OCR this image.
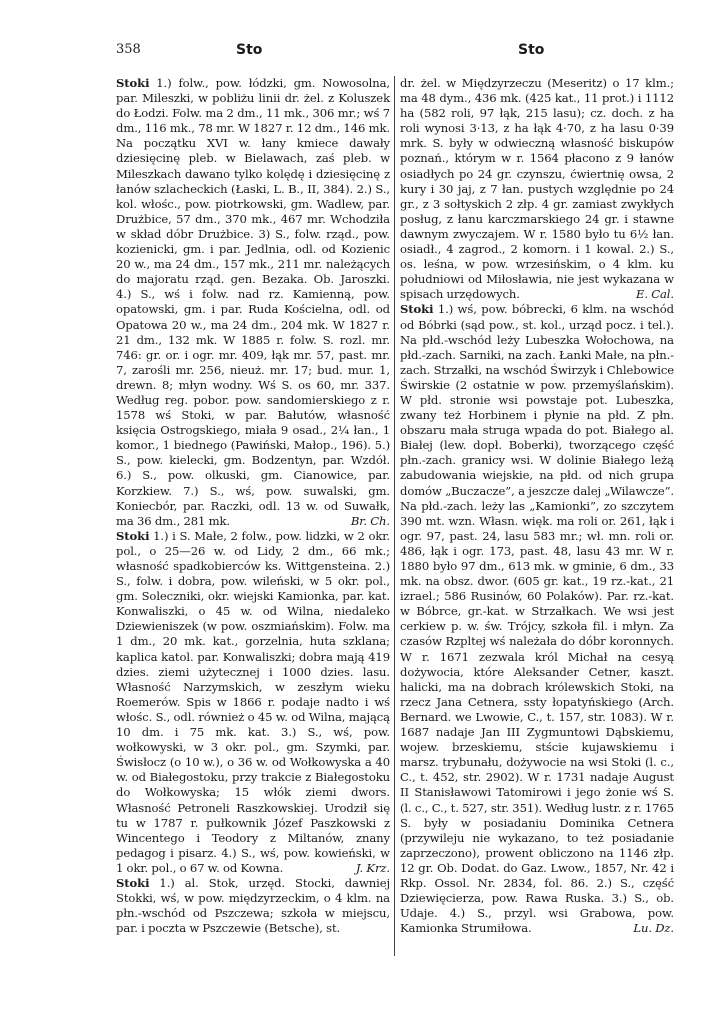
358	Sto	Sto

Stoki 1.) folw., pow. łódzki, gm. Nowosolna, par. Mileszki, w pobliżu linii dr. żel. z Koluszek do Łodzi. Folw. ma 2 dm., 11 mk., 306 mr.; wś 7 dm., 116 mk., 78 mr. W 1827 r. 12 dm., 146 mk. Na początku XVI w. łany kmiece dawały dziesięcinę pleb. w Bielawach, zaś pleb. w Mileszkach dawano tylko kolędę i dziesięcinę z łanów szlacheckich (Łaski, L. B., II, 384). 2.) S., kol. włośc., pow. piotrkowski, gm. Wadlew, par. Drużbice, 57 dm., 370 mk., 467 mr. Wchodziła w skład dóbr Drużbice. 3) S., folw. rząd., pow. kozienicki, gm. i par. Jedlnia, odl. od Kozienic 20 w., ma 24 dm., 157 mk., 211 mr. należących do majoratu rząd. gen. Bezaka. Ob. Jaroszki. 4.) S., wś i folw. nad rz. Kamienną, pow. opatowski, gm. i par. Ruda Kościelna, odl. od Opatowa 20 w., ma 24 dm., 204 mk. W 1827 r. 21 dm., 132 mk. W 1885 r. folw. S. rozl. mr. 746: gr. or. i ogr. mr. 409, łąk mr. 57, past. mr. 7, zarośli mr. 256, nieuż. mr. 17; bud. mur. 1, drewn. 8; młyn wodny. Wś S. os 60, mr. 337. Według reg. pobor. pow. sandomierskiego z r. 1578 wś Stoki, w par. Bałutów, własność księcia Ostrogskiego, miała 9 osad., 2¼ łan., 1 komor., 1 biednego (Pawiński, Małop., 196). 5.) S., pow. kielecki, gm. Bodzentyn, par. Wzdół. 6.) S., pow. olkuski, gm. Cianowice, par. Korzkiew. 7.) S., wś, pow. suwalski, gm. Koniecbór, par. Raczki, odl. 13 w. od Suwałk, ma 36 dm., 281 mk.	Br. Ch.

Stoki 1.) i S. Małe, 2 folw., pow. lidzki, w 2 okr. pol., o 25—26 w. od Lidy, 2 dm., 66 mk.; własność spadkobierców ks. Wittgensteina. 2.) S., folw. i dobra, pow. wileński, w 5 okr. pol., gm. Soleczniki, okr. wiejski Kamionka, par. kat. Konwaliszki, o 45 w. od Wilna, niedaleko Dziewieniszek (w pow. oszmiańskim). Folw. ma 1 dm., 20 mk. kat., gorzelnia, huta szklana; kaplica katol. par. Konwaliszki; dobra mają 419 dzies. ziemi użytecznej i 1000 dzies. lasu. Własność Narzymskich, w zeszłym wieku Roemerów. Spis w 1866 r. podaje nadto i wś włośc. S., odl. również o 45 w. od Wilna, mającą 10 dm. i 75 mk. kat. 3.) S., wś, pow. wołkowyski, w 3 okr. pol., gm. Szymki, par. Świsłocz (o 10 w.), o 36 w. od Wołkowyska a 40 w. od Białegostoku, przy trakcie z Białegostoku do Wołkowyska; 15 włók ziemi dwors. Własność Petroneli Raszkowskiej. Urodził się tu w 1787 r. pułkownik Józef Paszkowski z Wincentego i Teodory z Miltanów, znany pedagog i pisarz. 4.) S., wś, pow. kowieński, w 1 okr. pol., o 67 w. od Kowna.	J. Krz.

Stoki 1.) al. Stok, urzęd. Stocki, dawniej Stokki, wś, w pow. międzyrzeckim, o 4 klm. na płn.-wschód od Pszczewa; szkoła w miejscu, par. i poczta w Pszczewie (Betsche), st.

dr. żel. w Międzyrzeczu (Meseritz) o 17 klm.; ma 48 dym., 436 mk. (425 kat., 11 prot.) i 1112 ha (582 roli, 97 łąk, 215 lasu); cz. doch. z ha roli wynosi 3·13, z ha łąk 4·70, z ha lasu 0·39 mrk. S. były w odwieczną własność biskupów poznań., którym w r. 1564 płacono z 9 łanów osiadłych po 24 gr. czynszu, ćwiertnię owsa, 2 kury i 30 jaj, z 7 łan. pustych względnie po 24 gr., z 3 sołtyskich 2 złp. 4 gr. zamiast zwykłych posług, z łanu karczmarskiego 24 gr. i stawne dawnym zwyczajem. W r. 1580 było tu 6½ łan. osiadł., 4 zagrod., 2 komorn. i 1 kowal. 2.) S., os. leśna, w pow. wrzesińskim, o 4 klm. ku południowi od Miłosławia, nie jest wykazana w spisach urzędowych.	E. Cal.

Stoki 1.) wś, pow. bóbrecki, 6 klm. na wschód od Bóbrki (sąd pow., st. kol., urząd pocz. i tel.). Na płd.-wschód leży Lubeszka Wołochowa, na płd.-zach. Sarniki, na zach. Łanki Małe, na płn.-zach. Strzałki, na wschód Świrzyk i Chlebowice Świrskie (2 ostatnie w pow. przemyślańskim). W płd. stronie wsi powstaje pot. Lubeszka, zwany też Horbinem i płynie na płd. Z płn. obszaru mała struga wpada do pot. Białego al. Białej (lew. dopł. Boberki), tworzącego część płn.-zach. granicy wsi. W dolinie Białego leżą zabudowania wiejskie, na płd. od nich grupa domów „Buczacze”, a jeszcze dalej „Wilawcze”. Na płd.-zach. leży las „Kamionki”, zo szczytem 390 mt. wzn. Własn. więk. ma roli or. 261, łąk i ogr. 97, past. 24, lasu 583 mr.; wł. mn. roli or. 486, łąk i ogr. 173, past. 48, lasu 43 mr. W r. 1880 było 97 dm., 613 mk. w gminie, 6 dm., 33 mk. na obsz. dwor. (605 gr. kat., 19 rz.-kat., 21 izrael.; 586 Rusinów, 60 Polaków). Par. rz.-kat. w Bóbrce, gr.-kat. w Strzałkach. We wsi jest cerkiew p. w. św. Trójcy, szkoła fil. i młyn. Za czasów Rzpltej wś należała do dóbr koronnych. W r. 1671 zezwala król Michał na cesyą dożywocia, które Aleksander Cetner, kaszt. halicki, ma na dobrach królewskich Stoki, na rzecz Jana Cetnera, ssty łopatyńskiego (Arch. Bernard. we Lwowie, C., t. 157, str. 1083). W r. 1687 nadaje Jan III Zygmuntowi Dąbskiemu, wojew. brzeskiemu, stście kujawskiemu i marsz. trybunału, dożywocie na wsi Stoki (l. c., C., t. 452, str. 2902). W r. 1731 nadaje August II Stanisławowi Tatomirowi i jego żonie wś S. (l. c., C., t. 527, str. 351). Według lustr. z r. 1765 S. były w posiadaniu Dominika Cetnera (przywileju nie wykazano, to też posiadanie zaprzeczono), prowent obliczono na 1146 złp. 12 gr. Ob. Dodat. do Gaz. Lwow., 1857, Nr. 42 i Rkp. Ossol. Nr. 2834, fol. 86. 2.) S., część Dziewięcierza, pow. Rawa Ruska. 3.) S., ob. Udaje. 4.) S., przyl. wsi Grabowa, pow. Kamionka Strumiłowa.	Lu. Dz.
